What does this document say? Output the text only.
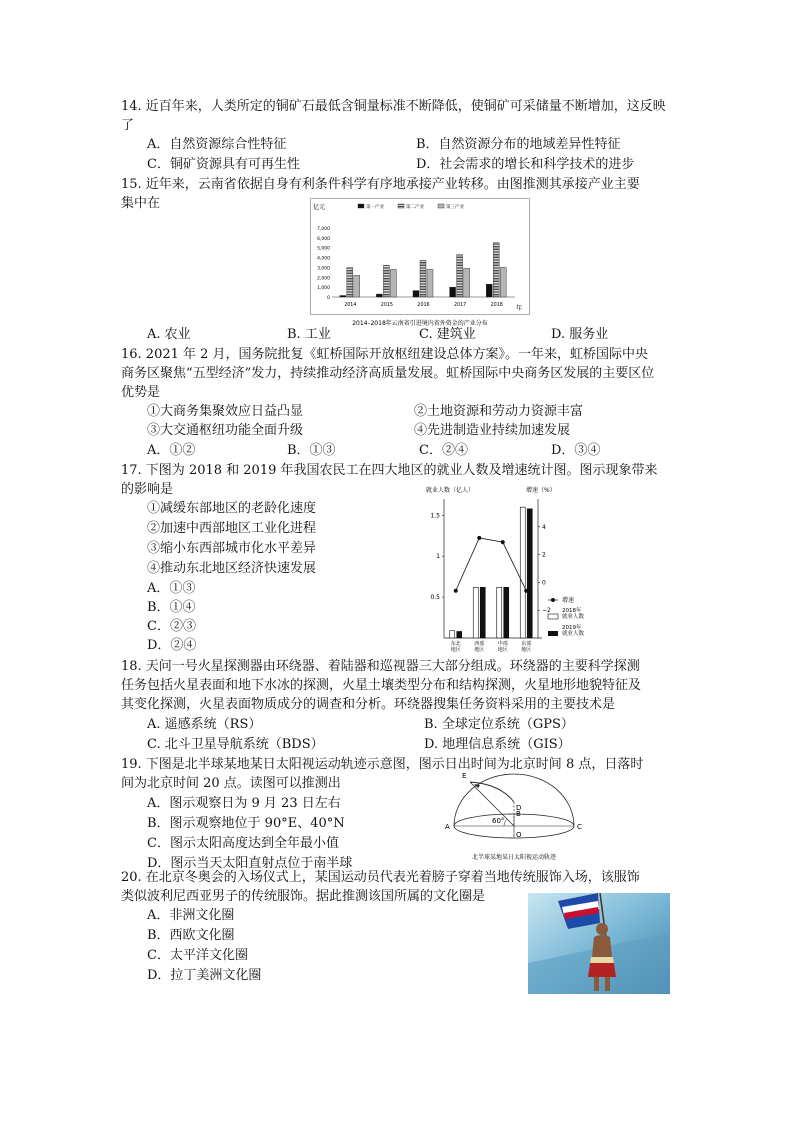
14. 近百年来，人类所定的铜矿石最低含铜量标准不断降低，使铜矿可采储量不断增加，这反映
了
A．自然资源综合性特征	B．自然资源分布的地域差异性特征
C．铜矿资源具有可再生性	D．社会需求的增长和科学技术的进步
15. 近年来，云南省依据自身有利条件科学有序地承接产业转移。由图推测其承接产业主要
集中在	亿元
7,000
6,000
5,000
4,000
3,000
2,000
1,000
0
第一产业	第二产业	第三产业
2014	2015	2016	2017	2018 年
2014–2018年云南省引进境内省外资金的产业分布
A. 农业	B. 工业	C. 建筑业	D. 服务业
16. 2021 年 2 月，国务院批复《虹桥国际开放枢纽建设总体方案》。一年来，虹桥国际中央
商务区聚焦“五型经济”发力，持续推动经济高质量发展。虹桥国际中央商务区发展的主要区位
优势是
①大商务集聚效应日益凸显	②土地资源和劳动力资源丰富
③大交通枢纽功能全面升级	④先进制造业持续加速发展
A．①②	B．①③	C．②④	D．③④
17. 下图为 2018 和 2019 年我国农民工在四大地区的就业人数及增速统计图。图示现象带来
的影响是
①减缓东部地区的老龄化速度
②加速中西部地区工业化进程
③缩小东西部城市化水平差异
④推动东北地区经济快速发展
A．①③
B．①④
C．②③
D．②④
就业人数（亿人）	增速（%）
1.5
1
0.5
4
2
0
−2
东北
地区
西部
地区
中部
地区
东部
地区
增速
2018年就业人数
2019年就业人数
18. 天问一号火星探测器由环绕器、着陆器和巡视器三大部分组成。环绕器的主要科学探测
任务包括火星表面和地下水冰的探测，火星土壤类型分布和结构探测，火星地形地貌特征及
其变化探测，火星表面物质成分的调查和分析。环绕器搜集任务资料采用的主要技术是
A. 遥感系统（RS）	B. 全球定位系统（GPS）
C. 北斗卫星导航系统（BDS）	D. 地理信息系统（GIS）
19. 下图是北半球某地某日太阳视运动轨迹示意图，图示日出时间为北京时间 8 点，日落时
间为北京时间 20 点。读图可以推测出
A．图示观察日为 9 月 23 日左右
B．图示观察地位于 90°E、40°N
C．图示太阳高度达到全年最小值
D．图示当天太阳直射点位于南半球
60°
A
B
C
D
O
E
北半球某地某日太阳视运动轨迹
20. 在北京冬奥会的入场仪式上，某国运动员代表光着膀子穿着当地传统服饰入场，该服饰
类似波利尼西亚男子的传统服饰。据此推测该国所属的文化圈是
A．非洲文化圈
B．西欧文化圈
C．太平洋文化圈
D．拉丁美洲文化圈
